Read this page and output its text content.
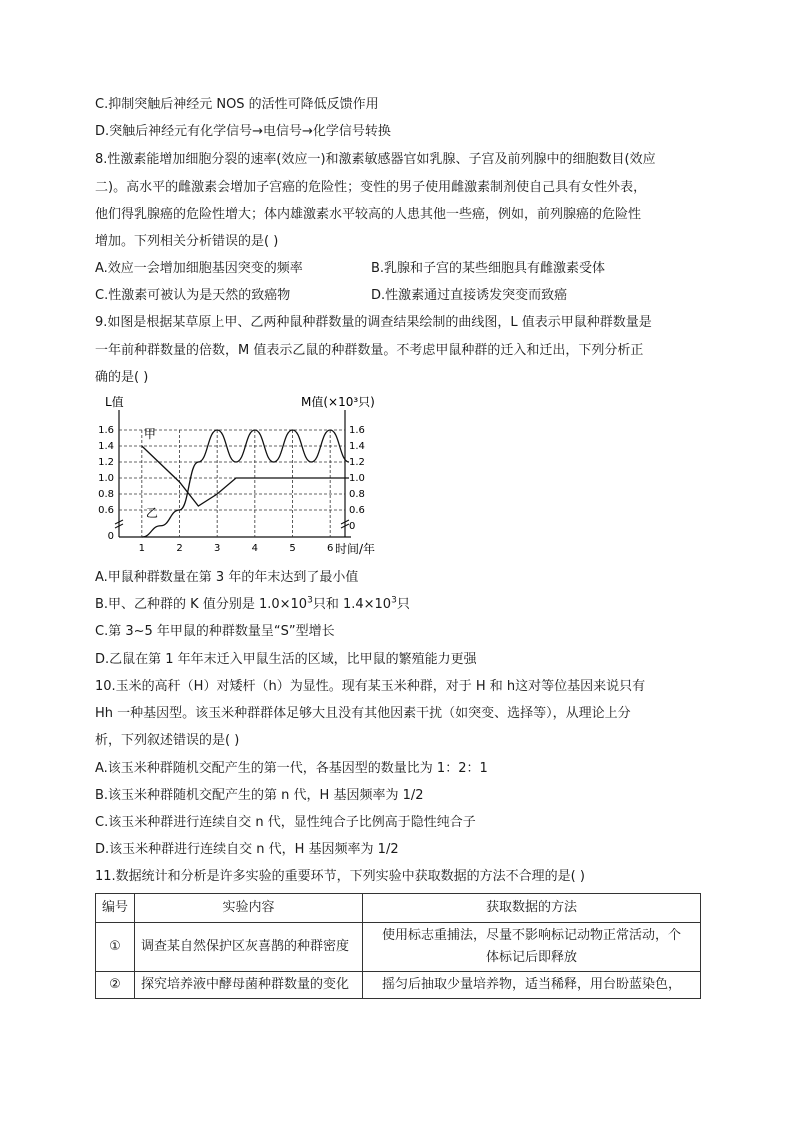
C.抑制突触后神经元 NOS 的活性可降低反馈作用
D.突触后神经元有化学信号→电信号→化学信号转换
8.性激素能增加细胞分裂的速率(效应一)和激素敏感器官如乳腺、子宫及前列腺中的细胞数目(效应
二)。高水平的雌激素会增加子宫癌的危险性；变性的男子使用雌激素制剂使自己具有女性外表，
他们得乳腺癌的危险性增大；体内雄激素水平较高的人患其他一些癌，例如，前列腺癌的危险性
增加。下列相关分析错误的是( )
A.效应一会增加细胞基因突变的频率	B.乳腺和子宫的某些细胞具有雌激素受体
C.性激素可被认为是天然的致癌物	D.性激素通过直接诱发突变而致癌
9.如图是根据某草原上甲、乙两种鼠种群数量的调查结果绘制的曲线图，L 值表示甲鼠种群数量是
一年前种群数量的倍数，M 值表示乙鼠的种群数量。不考虑甲鼠种群的迁入和迁出，下列分析正
确的是( )
0.6	0.6
0.8	0.8
1.0	1.0
1.2	1.2
1.4	1.4
1.6	1.6
0
0
1	2	3	4	5	6
L值	M值(×10³只)
时间/年
甲
乙
A.甲鼠种群数量在第 3 年的年末达到了最小值
B.甲、乙种群的 K 值分别是 $1.0\times 10^3$只和 $1.4\times 10^3$只
C.第 3~5 年甲鼠的种群数量呈“S”型增长
D.乙鼠在第 1 年年末迁入甲鼠生活的区域，比甲鼠的繁殖能力更强
10.玉米的高秆（H）对矮杆（h）为显性。现有某玉米种群，对于 H 和 h这对等位基因来说只有
Hh 一种基因型。该玉米种群群体足够大且没有其他因素干扰（如突变、选择等），从理论上分
析，下列叙述错误的是( )
A.该玉米种群随机交配产生的第一代，各基因型的数量比为 1：2：1
B.该玉米种群随机交配产生的第 n 代，H 基因频率为 1/2
C.该玉米种群进行连续自交 n 代，显性纯合子比例高于隐性纯合子
D.该玉米种群进行连续自交 n 代，H 基因频率为 1/2
11.数据统计和分析是许多实验的重要环节，下列实验中获取数据的方法不合理的是( )
编号	实验内容	获取数据的方法
①	调查某自然保护区灰喜鹊的种群密度	使用标志重捕法，尽量不影响标记动物正常活动，个
体标记后即释放

②	探究培养液中酵母菌种群数量的变化	摇匀后抽取少量培养物，适当稀释，用台盼蓝染色，
